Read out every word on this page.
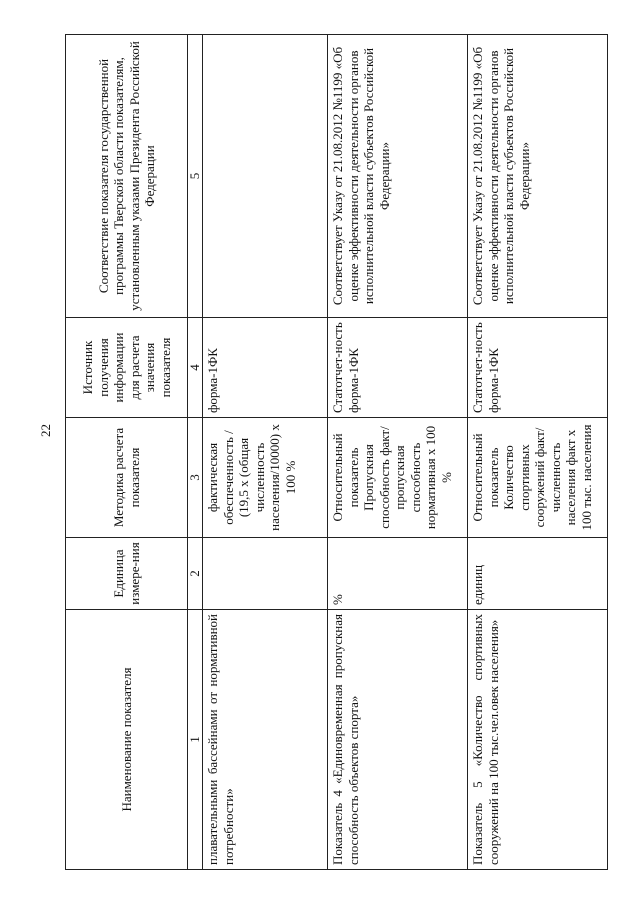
22
Наименование показателя	Единица измере-ния	Методика расчета показателя	Источник получения информации для расчета значения показателя	Соответствие показателя государственной программы Тверской области показателям, установленным указами Президента Российской Федерации
1	2	3	4	5
плавательными бассейнами от нормативной потребности»		фактическая обеспеченность / (19,5 х (общая численность населения/10000) х 100 %	форма-1ФК	
Показатель 4 «Единовременная пропускная способность объектов спорта»	%	Относительный показатель Пропускная способность факт/ пропускная способность нормативная х 100 %	Статотчет-ность форма-1ФК	Соответствует Указу от 21.08.2012 №1199 «Об оценке эффективности деятельности органов исполнительной власти субъектов Российской Федерации»
Показатель 5 «Количество спортивных сооружений на 100 тыс.чел.овек населения»	единиц	Относительный показатель Количество спортивных сооружений факт/ численность населения факт х 100 тыс. населения	Статотчет-ность форма-1ФК	Соответствует Указу от 21.08.2012 №1199 «Об оценке эффективности деятельности органов исполнительной власти субъектов Российской Федерации»
